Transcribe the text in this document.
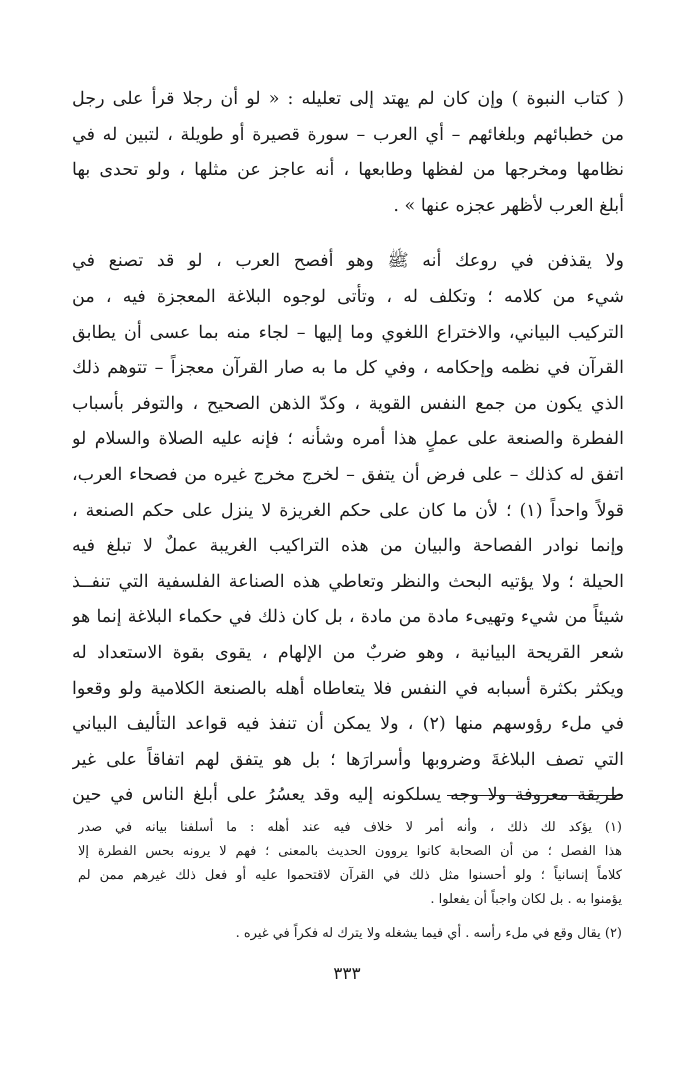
( كتاب النبوة ) وإن كان لم يهتد إلى تعليله : « لو أن رجلا قرأ على رجل
من خطبائهم وبلغائهم – أي العرب – سورة قصيرة أو طويلة ، لتبين له في
نظامها ومخرجها من لفظها وطابعها ، أنه عاجز عن مثلها ، ولو تحدى بها
أبلغ العرب لأظهر عجزه عنها » .
ولا يقذفن في روعك أنه ﷺ وهو أفصح العرب ، لو قد تصنع في
شيء من كلامه ؛ وتكلف له ، وتأتى لوجوه البلاغة المعجزة فيه ، من
التركيب البياني، والاختراع اللغوي وما إليها – لجاء منه بما عسى أن يطابق
القرآن في نظمه وإحكامه ، وفي كل ما به صار القرآن معجزاً – تتوهم ذلك
الذي يكون من جمع النفس القوية ، وكدّ الذهن الصحيح ، والتوفر بأسباب
الفطرة والصنعة على عملٍ هذا أمره وشأنه ؛ فإنه عليه الصلاة والسلام لو
اتفق له كذلك – على فرض أن يتفق – لخرج مخرج غيره من فصحاء العرب،
قولاً واحداً (١) ؛ لأن ما كان على حكم الغريزة لا ينزل على حكم الصنعة ،
وإنما نوادر الفصاحة والبيان من هذه التراكيب الغريبة عملٌ لا تبلغ فيه
الحيلة ؛ ولا يؤتيه البحث والنظر وتعاطي هذه الصناعة الفلسفية التي تنفــذ
شيئاً من شيء وتهيىء مادة من مادة ، بل كان ذلك في حكماء البلاغة إنما هو
شعر القريحة البيانية ، وهو ضربٌ من الإلهام ، يقوى بقوة الاستعداد له
ويكثر بكثرة أسبابه في النفس فلا يتعاطاه أهله بالصنعة الكلامية ولو وقعوا
في ملء رؤوسهم منها (٢) ، ولا يمكن أن تنفذ فيه قواعد التأليف البياني
التي تصف البلاغةَ وضروبها وأسرارَها ؛ بل هو يتفق لهم اتفاقاً على غير
طريقة معروفة ولا وجه يسلكونه إليه وقد يعسُرُ على أبلغ الناس في حين
(١) يؤكد لك ذلك ، وأنه أمر لا خلاف فيه عند أهله : ما أسلفنا بيانه في صدر
هذا الفصل ؛ من أن الصحابة كانوا يروون الحديث بالمعنى ؛ فهم لا يرونه بحس الفطرة إلا
كلاماً إنسانياً ؛ ولو أحسنوا مثل ذلك في القرآن لاقتحموا عليه أو فعل ذلك غيرهم ممن لم
يؤمنوا به . بل لكان واجباً أن يفعلوا .
(٢) يقال وقع في ملء رأسه . أي فيما يشغله ولا يترك له فكراً في غيره .
٣٣٣
